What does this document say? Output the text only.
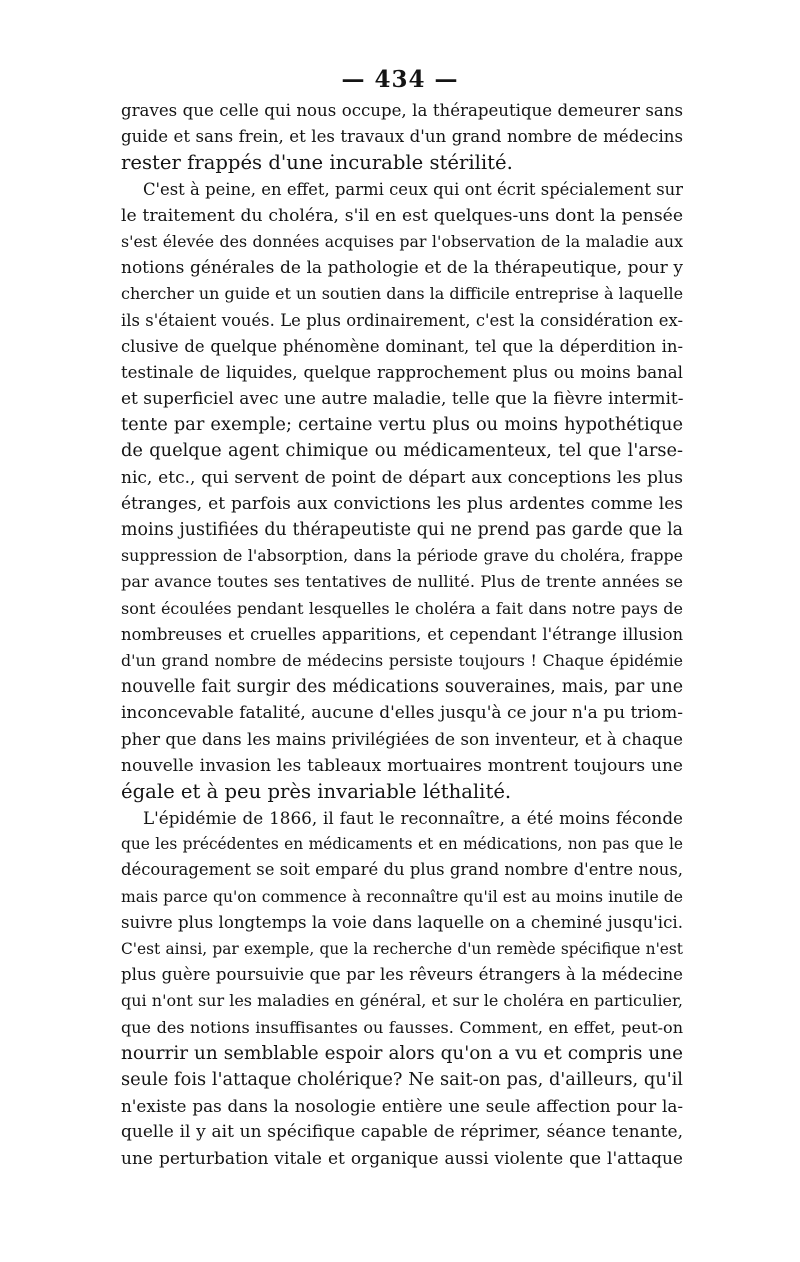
— 434 —
graves que celle qui nous occupe, la thérapeutique demeurer sans
guide et sans frein, et les travaux d'un grand nombre de médecins
rester frappés d'une incurable stérilité.
C'est à peine, en effet, parmi ceux qui ont écrit spécialement sur
le traitement du choléra, s'il en est quelques-uns dont la pensée
s'est élevée des données acquises par l'observation de la maladie aux
notions générales de la pathologie et de la thérapeutique, pour y
chercher un guide et un soutien dans la difficile entreprise à laquelle
ils s'étaient voués. Le plus ordinairement, c'est la considération ex-
clusive de quelque phénomène dominant, tel que la déperdition in-
testinale de liquides, quelque rapprochement plus ou moins banal
et superficiel avec une autre maladie, telle que la fièvre intermit-
tente par exemple; certaine vertu plus ou moins hypothétique
de quelque agent chimique ou médicamenteux, tel que l'arse-
nic, etc., qui servent de point de départ aux conceptions les plus
étranges, et parfois aux convictions les plus ardentes comme les
moins justifiées du thérapeutiste qui ne prend pas garde que la
suppression de l'absorption, dans la période grave du choléra, frappe
par avance toutes ses tentatives de nullité. Plus de trente années se
sont écoulées pendant lesquelles le choléra a fait dans notre pays de
nombreuses et cruelles apparitions, et cependant l'étrange illusion
d'un grand nombre de médecins persiste toujours ! Chaque épidémie
nouvelle fait surgir des médications souveraines, mais, par une
inconcevable fatalité, aucune d'elles jusqu'à ce jour n'a pu triom-
pher que dans les mains privilégiées de son inventeur, et à chaque
nouvelle invasion les tableaux mortuaires montrent toujours une
égale et à peu près invariable léthalité.
L'épidémie de 1866, il faut le reconnaître, a été moins féconde
que les précédentes en médicaments et en médications, non pas que le
découragement se soit emparé du plus grand nombre d'entre nous,
mais parce qu'on commence à reconnaître qu'il est au moins inutile de
suivre plus longtemps la voie dans laquelle on a cheminé jusqu'ici.
C'est ainsi, par exemple, que la recherche d'un remède spécifique n'est
plus guère poursuivie que par les rêveurs étrangers à la médecine
qui n'ont sur les maladies en général, et sur le choléra en particulier,
que des notions insuffisantes ou fausses. Comment, en effet, peut-on
nourrir un semblable espoir alors qu'on a vu et compris une
seule fois l'attaque cholérique? Ne sait-on pas, d'ailleurs, qu'il
n'existe pas dans la nosologie entière une seule affection pour la-
quelle il y ait un spécifique capable de réprimer, séance tenante,
une perturbation vitale et organique aussi violente que l'attaque
